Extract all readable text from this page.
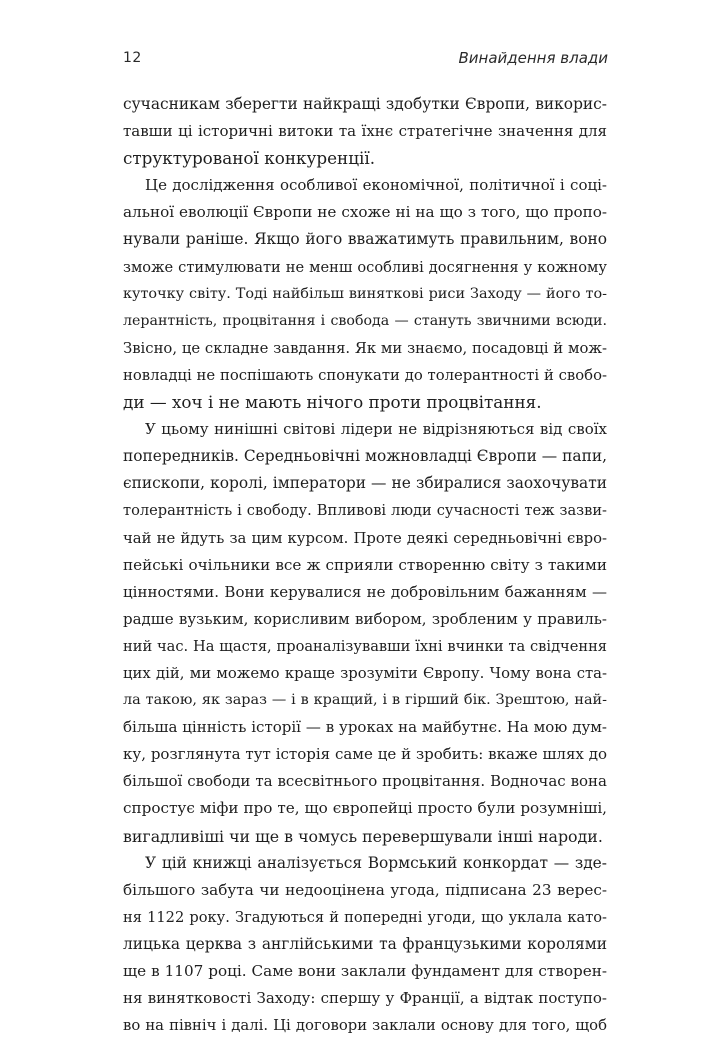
12	Винайдення влади
сучасникам зберегти найкращі здобутки Європи, викорис-
тавши ці історичні витоки та їхнє стратегічне значення для
структурованої конкуренції.
Це дослідження особливої економічної, політичної і соці-
альної еволюції Європи не схоже ні на що з того, що пропо-
нували раніше. Якщо його вважатимуть правильним, воно
зможе стимулювати не менш особливі досягнення у кожному
куточку світу. Тоді найбільш виняткові риси Заходу — його то-
лерантність, процвітання і свобода — стануть звичними всюди.
Звісно, це складне завдання. Як ми знаємо, посадовці й мож-
новладці не поспішають спонукати до толерантності й свобо-
ди — хоч і не мають нічого проти процвітання.
У цьому нинішні світові лідери не відрізняються від своїх
попередників. Середньовічні можновладці Європи — папи,
єпископи, королі, імператори — не збиралися заохочувати
толерантність і свободу. Впливові люди сучасності теж зазви-
чай не йдуть за цим курсом. Проте деякі середньовічні євро-
пейські очільники все ж сприяли створенню світу з такими
цінностями. Вони керувалися не добровільним бажанням —
радше вузьким, корисливим вибором, зробленим у правиль-
ний час. На щастя, проаналізувавши їхні вчинки та свідчення
цих дій, ми можемо краще зрозуміти Європу. Чому вона ста-
ла такою, як зараз — і в кращий, і в гірший бік. Зрештою, най-
більша цінність історії — в уроках на майбутнє. На мою дум-
ку, розглянута тут історія саме це й зробить: вкаже шлях до
більшої свободи та всесвітнього процвітання. Водночас вона
спростує міфи про те, що європейці просто були розумніші,
вигадливіші чи ще в чомусь перевершували інші народи.
У цій книжці аналізується Вормський конкордат — зде-
більшого забута чи недооцінена угода, підписана 23 верес-
ня 1122 року. Згадуються й попередні угоди, що уклала като-
лицька церква з англійськими та французькими королями
ще в 1107 році. Саме вони заклали фундамент для створен-
ня винятковості Заходу: спершу у Франції, а відтак поступо-
во на північ і далі. Ці договори заклали основу для того, щоб
